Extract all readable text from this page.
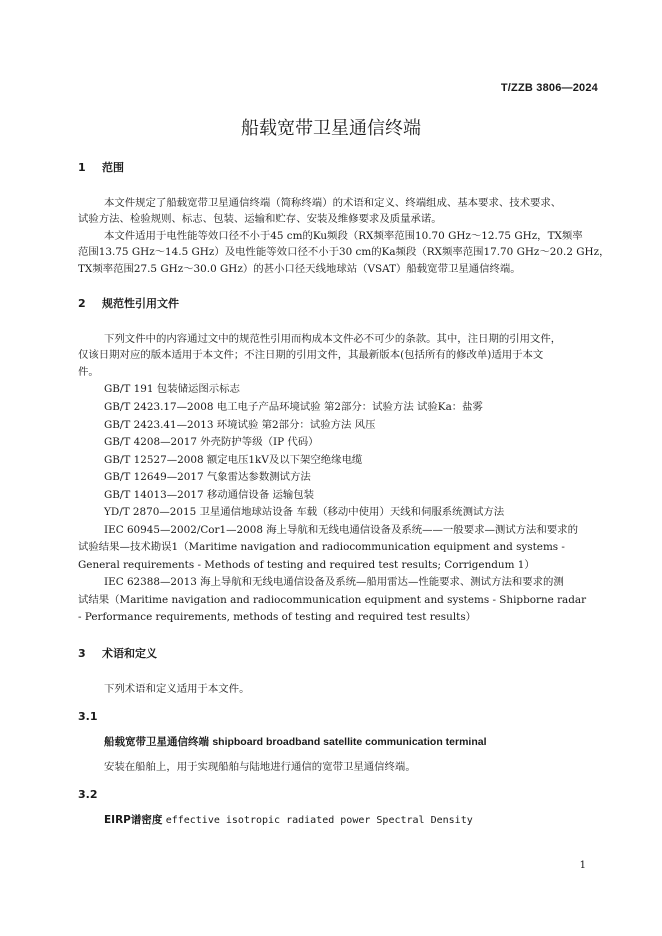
T/ZZB 3806—2024
船载宽带卫星通信终端
1 范围
本文件规定了船载宽带卫星通信终端（简称终端）的术语和定义、终端组成、基本要求、技术要求、
试验方法、检验规则、标志、包装、运输和贮存、安装及维修要求及质量承诺。
本文件适用于电性能等效口径不小于45 cm的Ku频段（RX频率范围10.70 GHz～12.75 GHz，TX频率
范围13.75 GHz～14.5 GHz）及电性能等效口径不小于30 cm的Ka频段（RX频率范围17.70 GHz～20.2 GHz，
TX频率范围27.5 GHz～30.0 GHz）的甚小口径天线地球站（VSAT）船载宽带卫星通信终端。
2 规范性引用文件
下列文件中的内容通过文中的规范性引用而构成本文件必不可少的条款。其中，注日期的引用文件，
仅该日期对应的版本适用于本文件；不注日期的引用文件，其最新版本(包括所有的修改单)适用于本文
件。
GB/T 191 包装储运图示标志
GB/T 2423.17—2008 电工电子产品环境试验 第2部分：试验方法 试验Ka：盐雾
GB/T 2423.41—2013 环境试验 第2部分：试验方法 风压
GB/T 4208—2017 外壳防护等级（IP 代码）
GB/T 12527—2008 额定电压1kV及以下架空绝缘电缆
GB/T 12649—2017 气象雷达参数测试方法
GB/T 14013—2017 移动通信设备 运输包装
YD/T 2870—2015 卫星通信地球站设备 车载（移动中使用）天线和伺服系统测试方法
IEC 60945—2002/Cor1—2008 海上导航和无线电通信设备及系统——一般要求—测试方法和要求的
试验结果—技术勘误1（Maritime navigation and radiocommunication equipment and systems -
General requirements - Methods of testing and required test results; Corrigendum 1）
IEC 62388—2013 海上导航和无线电通信设备及系统—船用雷达—性能要求、测试方法和要求的测
试结果（Maritime navigation and radiocommunication equipment and systems - Shipborne radar
- Performance requirements, methods of testing and required test results）
3 术语和定义
下列术语和定义适用于本文件。
3.1
船载宽带卫星通信终端 shipboard broadband satellite communication terminal
安装在船舶上，用于实现船舶与陆地进行通信的宽带卫星通信终端。
3.2
EIRP谱密度 effective isotropic radiated power Spectral Density
1
